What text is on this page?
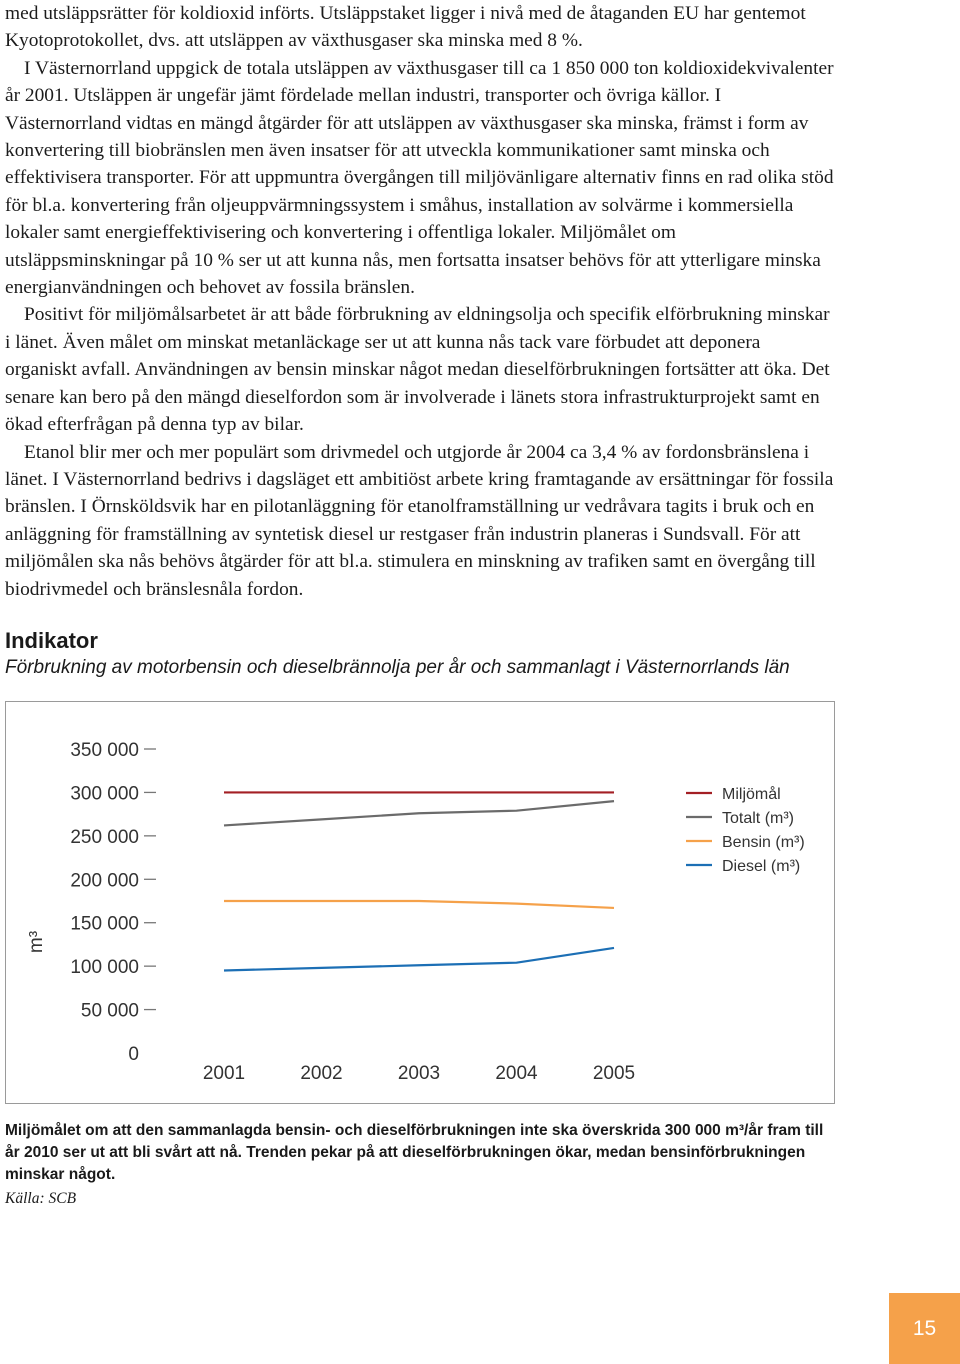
med utsläppsrätter för koldioxid införts. Utsläppstaket ligger i nivå med de åtaganden EU har gentemot Kyotoprotokollet, dvs. att utsläppen av växthusgaser ska minska med 8 %.

I Västernorrland uppgick de totala utsläppen av växthusgaser till ca 1 850 000 ton koldioxidekvivalenter år 2001. Utsläppen är ungefär jämt fördelade mellan industri, transporter och övriga källor. I Västernorrland vidtas en mängd åtgärder för att utsläppen av växthusgaser ska minska, främst i form av konvertering till biobränslen men även insatser för att utveckla kommunikationer samt minska och effektivisera transporter. För att uppmuntra övergången till miljövänligare alternativ finns en rad olika stöd för bl.a. konvertering från oljeuppvärmningssystem i småhus, installation av solvärme i kommersiella lokaler samt energieffektivisering och konvertering i offentliga lokaler. Miljömålet om utsläppsminskningar på 10 % ser ut att kunna nås, men fortsatta insatser behövs för att ytterligare minska energianvändningen och behovet av fossila bränslen.

Positivt för miljömålsarbetet är att både förbrukning av eldningsolja och specifik elförbrukning minskar i länet. Även målet om minskat metanläckage ser ut att kunna nås tack vare förbudet att deponera organiskt avfall. Användningen av bensin minskar något medan dieselförbrukningen fortsätter att öka. Det senare kan bero på den mängd dieselfordon som är involverade i länets stora infrastrukturprojekt samt en ökad efterfrågan på denna typ av bilar.

Etanol blir mer och mer populärt som drivmedel och utgjorde år 2004 ca 3,4 % av fordonsbränslena i länet. I Västernorrland bedrivs i dagsläget ett ambitiöst arbete kring framtagande av ersättningar för fossila bränslen. I Örnsköldsvik har en pilotanläggning för etanolframställning ur vedråvara tagits i bruk och en anläggning för framställning av syntetisk diesel ur restgaser från industrin planeras i Sundsvall. För att miljömålen ska nås behövs åtgärder för att bl.a. stimulera en minskning av trafiken samt en övergång till biodrivmedel och bränslesnåla fordon.

Indikator
Förbrukning av motorbensin och dieselbrännolja per år och sammanlagt i Västernorrlands län
0
50 000
100 000
150 000
200 000
250 000
300 000
350 000
m³
2001	2002	2003	2004	2005
Miljömål
Totalt (m³)
Bensin (m³)
Diesel (m³)
Miljömålet om att den sammanlagda bensin- och dieselförbrukningen inte ska överskrida 300 000 m³/år fram till år 2010 ser ut att bli svårt att nå. Trenden pekar på att dieselförbrukningen ökar, medan bensinförbrukningen minskar något.
Källa: SCB
15
